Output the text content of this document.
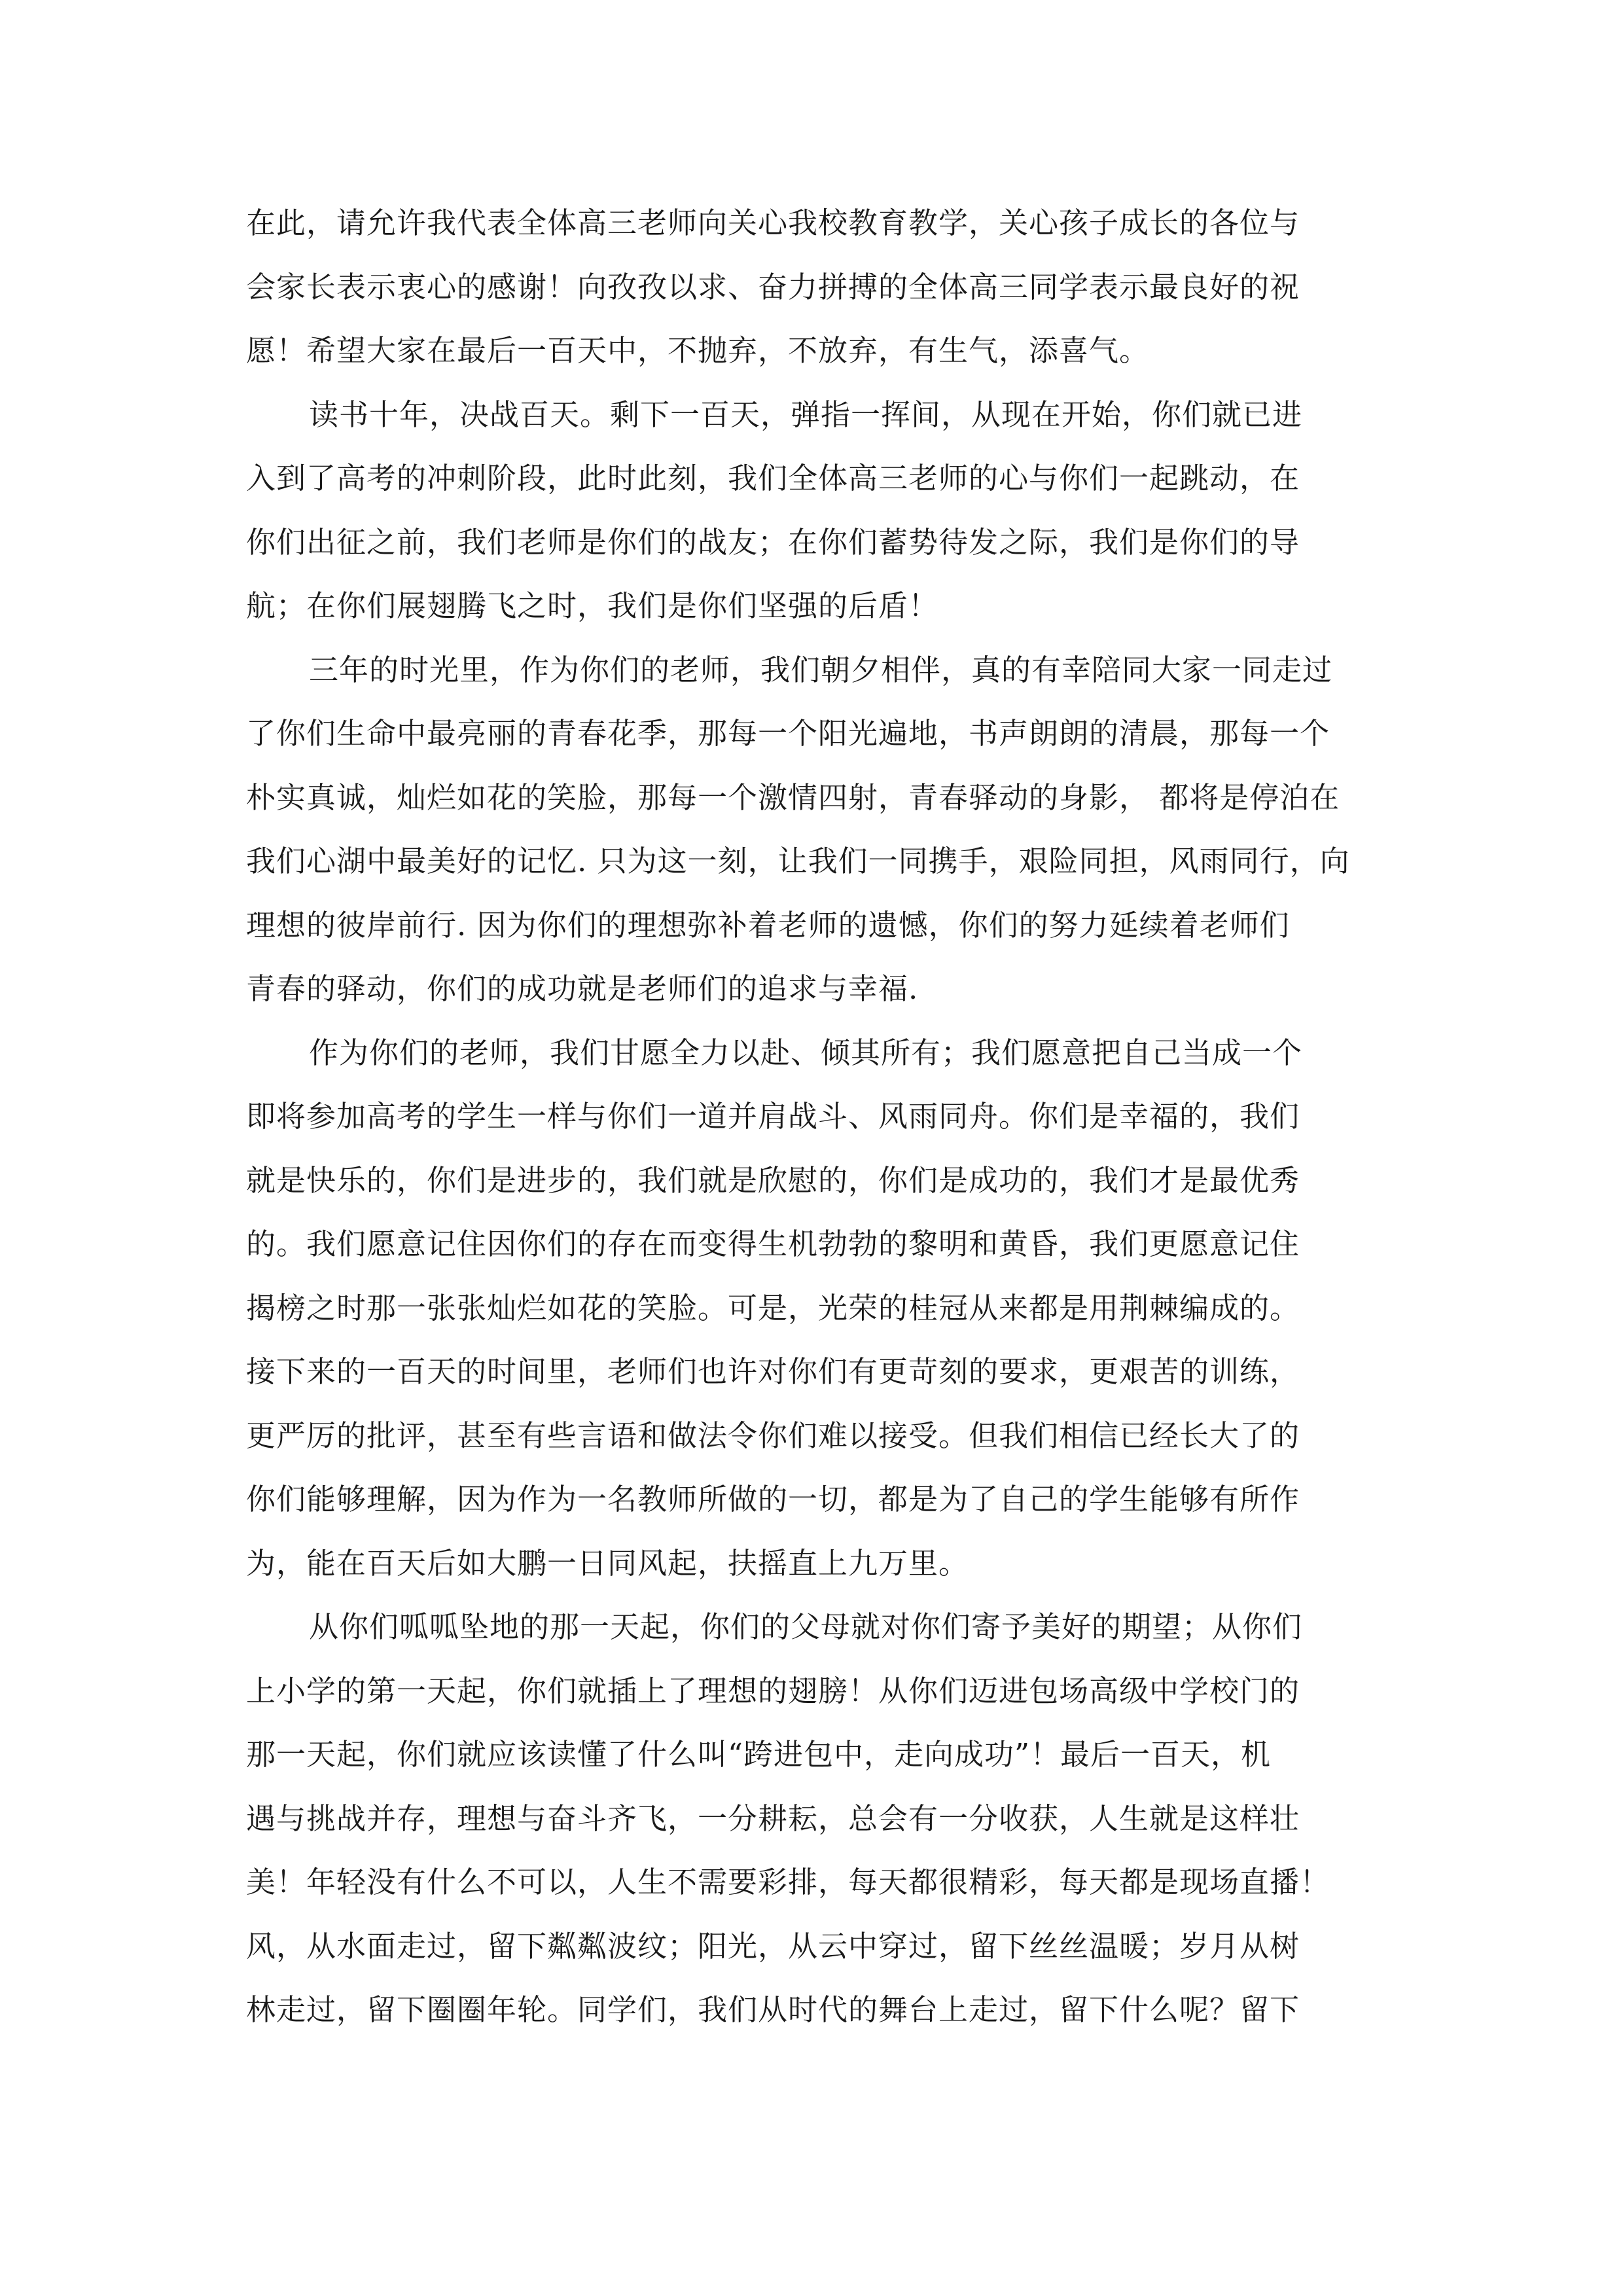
在此，请允许我代表全体高三老师向关心我校教育教学，关心孩子成长的各位与
会家长表示衷心的感谢！向孜孜以求、奋力拼搏的全体高三同学表示最良好的祝
愿！希望大家在最后一百天中，不抛弃，不放弃，有生气，添喜气。
读书十年，决战百天。剩下一百天，弹指一挥间，从现在开始，你们就已进
入到了高考的冲刺阶段，此时此刻，我们全体高三老师的心与你们一起跳动，在
你们出征之前，我们老师是你们的战友；在你们蓄势待发之际，我们是你们的导
航；在你们展翅腾飞之时，我们是你们坚强的后盾！
三年的时光里，作为你们的老师，我们朝夕相伴，真的有幸陪同大家一同走过
了你们生命中最亮丽的青春花季，那每一个阳光遍地，书声朗朗的清晨，那每一个
朴实真诚，灿烂如花的笑脸，那每一个激情四射，青春驿动的身影， 都将是停泊在
我们心湖中最美好的记忆. 只为这一刻，让我们一同携手，艰险同担，风雨同行，向
理想的彼岸前行. 因为你们的理想弥补着老师的遗憾，你们的努力延续着老师们
青春的驿动，你们的成功就是老师们的追求与幸福.
作为你们的老师，我们甘愿全力以赴、倾其所有；我们愿意把自己当成一个
即将参加高考的学生一样与你们一道并肩战斗、风雨同舟。你们是幸福的，我们
就是快乐的，你们是进步的，我们就是欣慰的，你们是成功的，我们才是最优秀
的。我们愿意记住因你们的存在而变得生机勃勃的黎明和黄昏，我们更愿意记住
揭榜之时那一张张灿烂如花的笑脸。可是，光荣的桂冠从来都是用荆棘编成的。
接下来的一百天的时间里，老师们也许对你们有更苛刻的要求，更艰苦的训练，
更严厉的批评，甚至有些言语和做法令你们难以接受。但我们相信已经长大了的
你们能够理解，因为作为一名教师所做的一切，都是为了自己的学生能够有所作
为，能在百天后如大鹏一日同风起，扶摇直上九万里。
从你们呱呱坠地的那一天起，你们的父母就对你们寄予美好的期望；从你们
上小学的第一天起，你们就插上了理想的翅膀！从你们迈进包场高级中学校门的
那一天起，你们就应该读懂了什么叫“跨进包中，走向成功”！最后一百天，机
遇与挑战并存，理想与奋斗齐飞，一分耕耘，总会有一分收获，人生就是这样壮
美！年轻没有什么不可以，人生不需要彩排，每天都很精彩，每天都是现场直播！
风，从水面走过，留下粼粼波纹；阳光，从云中穿过，留下丝丝温暖；岁月从树
林走过，留下圈圈年轮。同学们，我们从时代的舞台上走过，留下什么呢？留下
